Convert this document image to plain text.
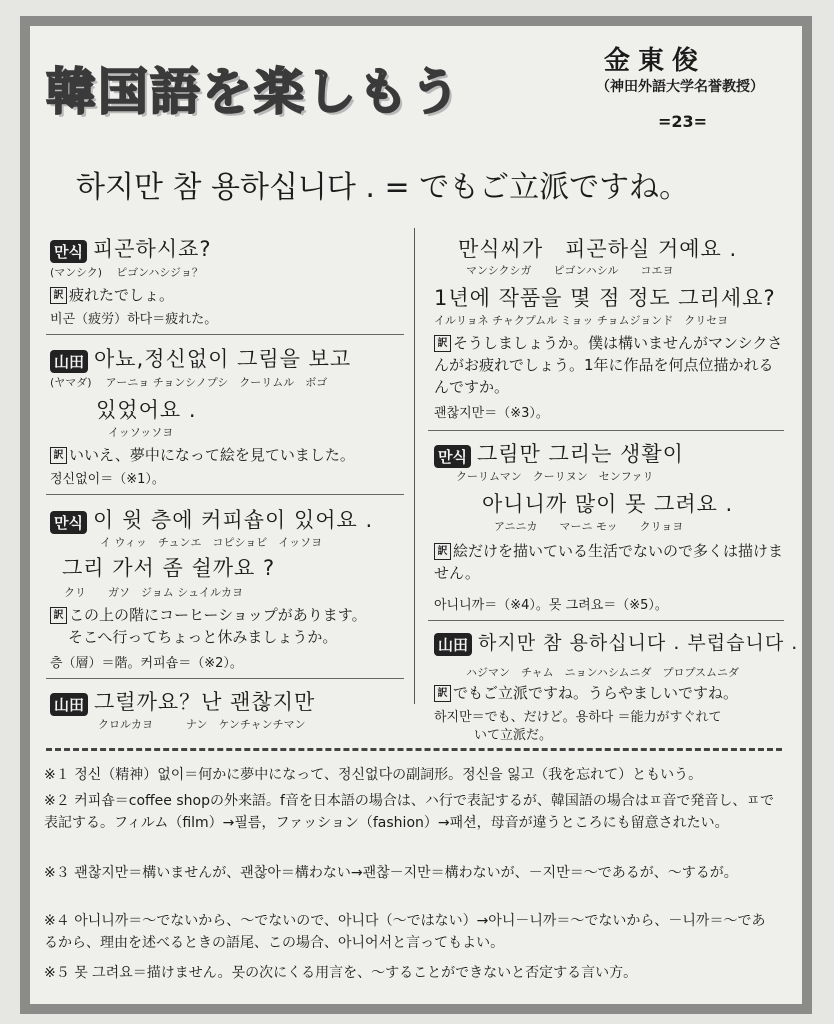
韓国語を楽しもう
金東俊
（神田外語大学名誉教授）
=23=
하지만 참 용하십니다 . = でもご立派ですね。
만식 피곤하시죠?
(マンシク) ピゴンハシジョ？
訳 疲れたでしょ。
비곤（疲労）하다＝疲れた。
山田 아뇨,정신없이 그림을 보고
(ヤマダ) アーニョ チョンシノプシ　クーリムル　ボゴ
있었어요 .
イッソッソヨ
訳 いいえ、夢中になって絵を見ていました。
정신없이＝（※1）。
만식 이 윗 층에 커피숍이 있어요 .
イ ウィッ　チュンエ　コピショビ　イッソヨ
그리 가서 좀 쉴까요 ?
クリ　　ガソ　ジョム シュイルカヨ
訳 この上の階にコーヒーショップがあります。
そこへ行ってちょっと休みましょうか。
층（層）＝階。커피숍＝（※2）。
山田 그럴까요？난 괜찮지만
クロルカヨ　　　ナン　ケンチャンチマン
만식씨가　피곤하실 거예요 .
マンシクシガ　　ピゴンハシル　　コエヨ
1년에 작품을 몇 점 정도 그리세요?
イルリョネ チャクプムル ミョッ チョムジョンド　クリセヨ
訳 そうしましょうか。僕は構いませんがマンシクさんがお疲れでしょう。1年に作品を何点位描かれるんですか。
괜찮지만＝（※3）。
만식 그림만 그리는 생활이
クーリムマン　クーリヌン　センファリ
아니니까 많이 못 그려요 .
アニニカ　　マーニ モッ　　クリョヨ
訳 絵だけを描いている生活でないので多くは描けません。
아니니까＝（※4）。못 그려요＝（※5）。
山田 하지만 참 용하십니다 . 부럽습니다 .
ハジマン　チャム　ニョンハシムニダ　プロプスムニダ
訳 でもご立派ですね。うらやましいですね。
하지만＝でも、だけど。용하다 ＝能力がすぐれて
いて立派だ。
※１ 정신（精神）없이＝何かに夢中になって、정신없다の副詞形。정신을 잃고（我を忘れて）ともいう。
※２ 커피숍＝coffee shopの外来語。f音を日本語の場合は、ハ行で表記するが、韓国語の場合はㅍ音で発音し、ㅍで表記する。フィルム（film）→필름，ファッション（fashion）→패션，母音が違うところにも留意されたい。
※３ 괜찮지만＝構いませんが、괜찮아＝構わない→괜찮－지만＝構わないが、－지만＝～であるが、～するが。
※４ 아니니까＝～でないから、～でないので、아니다（～ではない）→아니－니까＝～でないから、－니까＝～であるから、理由を述べるときの語尾、この場合、아니어서と言ってもよい。
※５ 못 그려요＝描けません。못の次にくる用言を、～することができないと否定する言い方。
